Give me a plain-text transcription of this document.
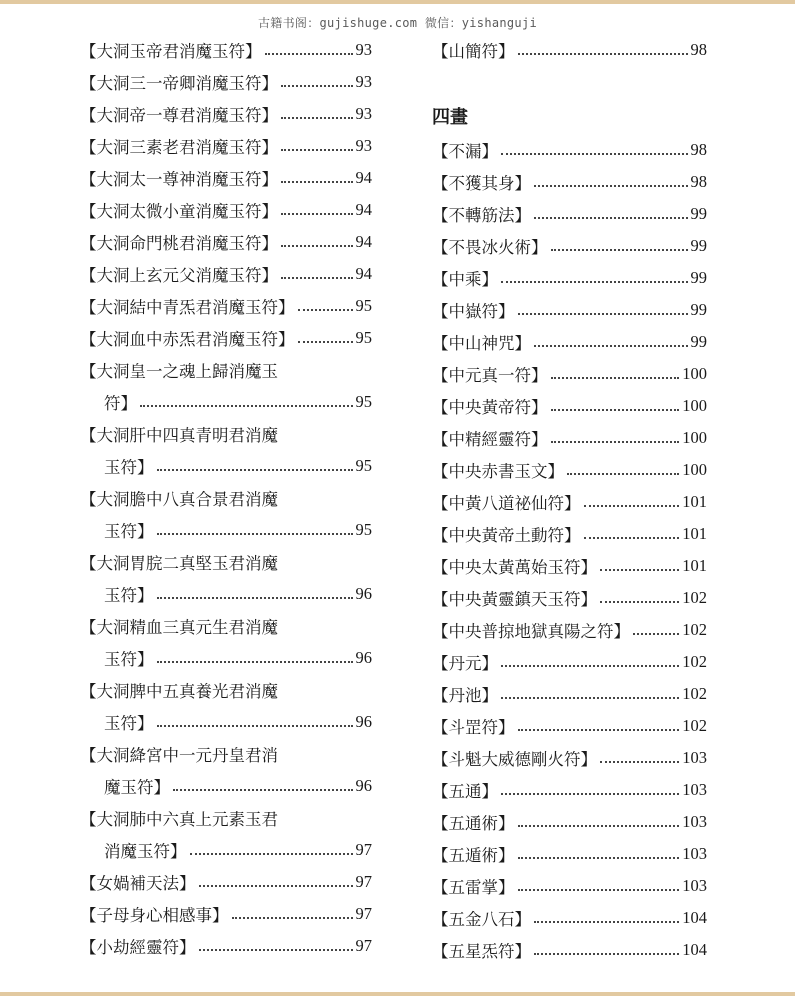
古籍书阁：gujishuge.com 微信：yishanguji
【大洞玉帝君消魔玉符】	93
【大洞三一帝卿消魔玉符】	93
【大洞帝一尊君消魔玉符】	93
【大洞三素老君消魔玉符】	93
【大洞太一尊神消魔玉符】	94
【大洞太微小童消魔玉符】	94
【大洞命門桃君消魔玉符】	94
【大洞上玄元父消魔玉符】	94
【大洞結中青炁君消魔玉符】	95
【大洞血中赤炁君消魔玉符】	95
【大洞皇一之魂上歸消魔玉
符】	95
【大洞肝中四真青明君消魔
玉符】	95
【大洞膽中八真合景君消魔
玉符】	95
【大洞胃脘二真堅玉君消魔
玉符】	96
【大洞精血三真元生君消魔
玉符】	96
【大洞脾中五真養光君消魔
玉符】	96
【大洞絳宮中一元丹皇君消
魔玉符】	96
【大洞肺中六真上元素玉君
消魔玉符】	97
【女媧補天法】	97
【子母身心相感事】	97
【小劫經靈符】	97
【山簡符】	98
四畫
【不漏】	98
【不獲其身】	98
【不轉筋法】	99
【不畏冰火術】	99
【中乘】	99
【中嶽符】	99
【中山神咒】	99
【中元真一符】	100
【中央黃帝符】	100
【中精經靈符】	100
【中央赤書玉文】	100
【中黃八道祕仙符】	101
【中央黃帝土動符】	101
【中央太黃萬始玉符】	101
【中央黃靈鎮天玉符】	102
【中央普掠地獄真陽之符】	102
【丹元】	102
【丹池】	102
【斗罡符】	102
【斗魁大威德剛火符】	103
【五通】	103
【五通術】	103
【五遁術】	103
【五雷掌】	103
【五金八石】	104
【五星炁符】	104
